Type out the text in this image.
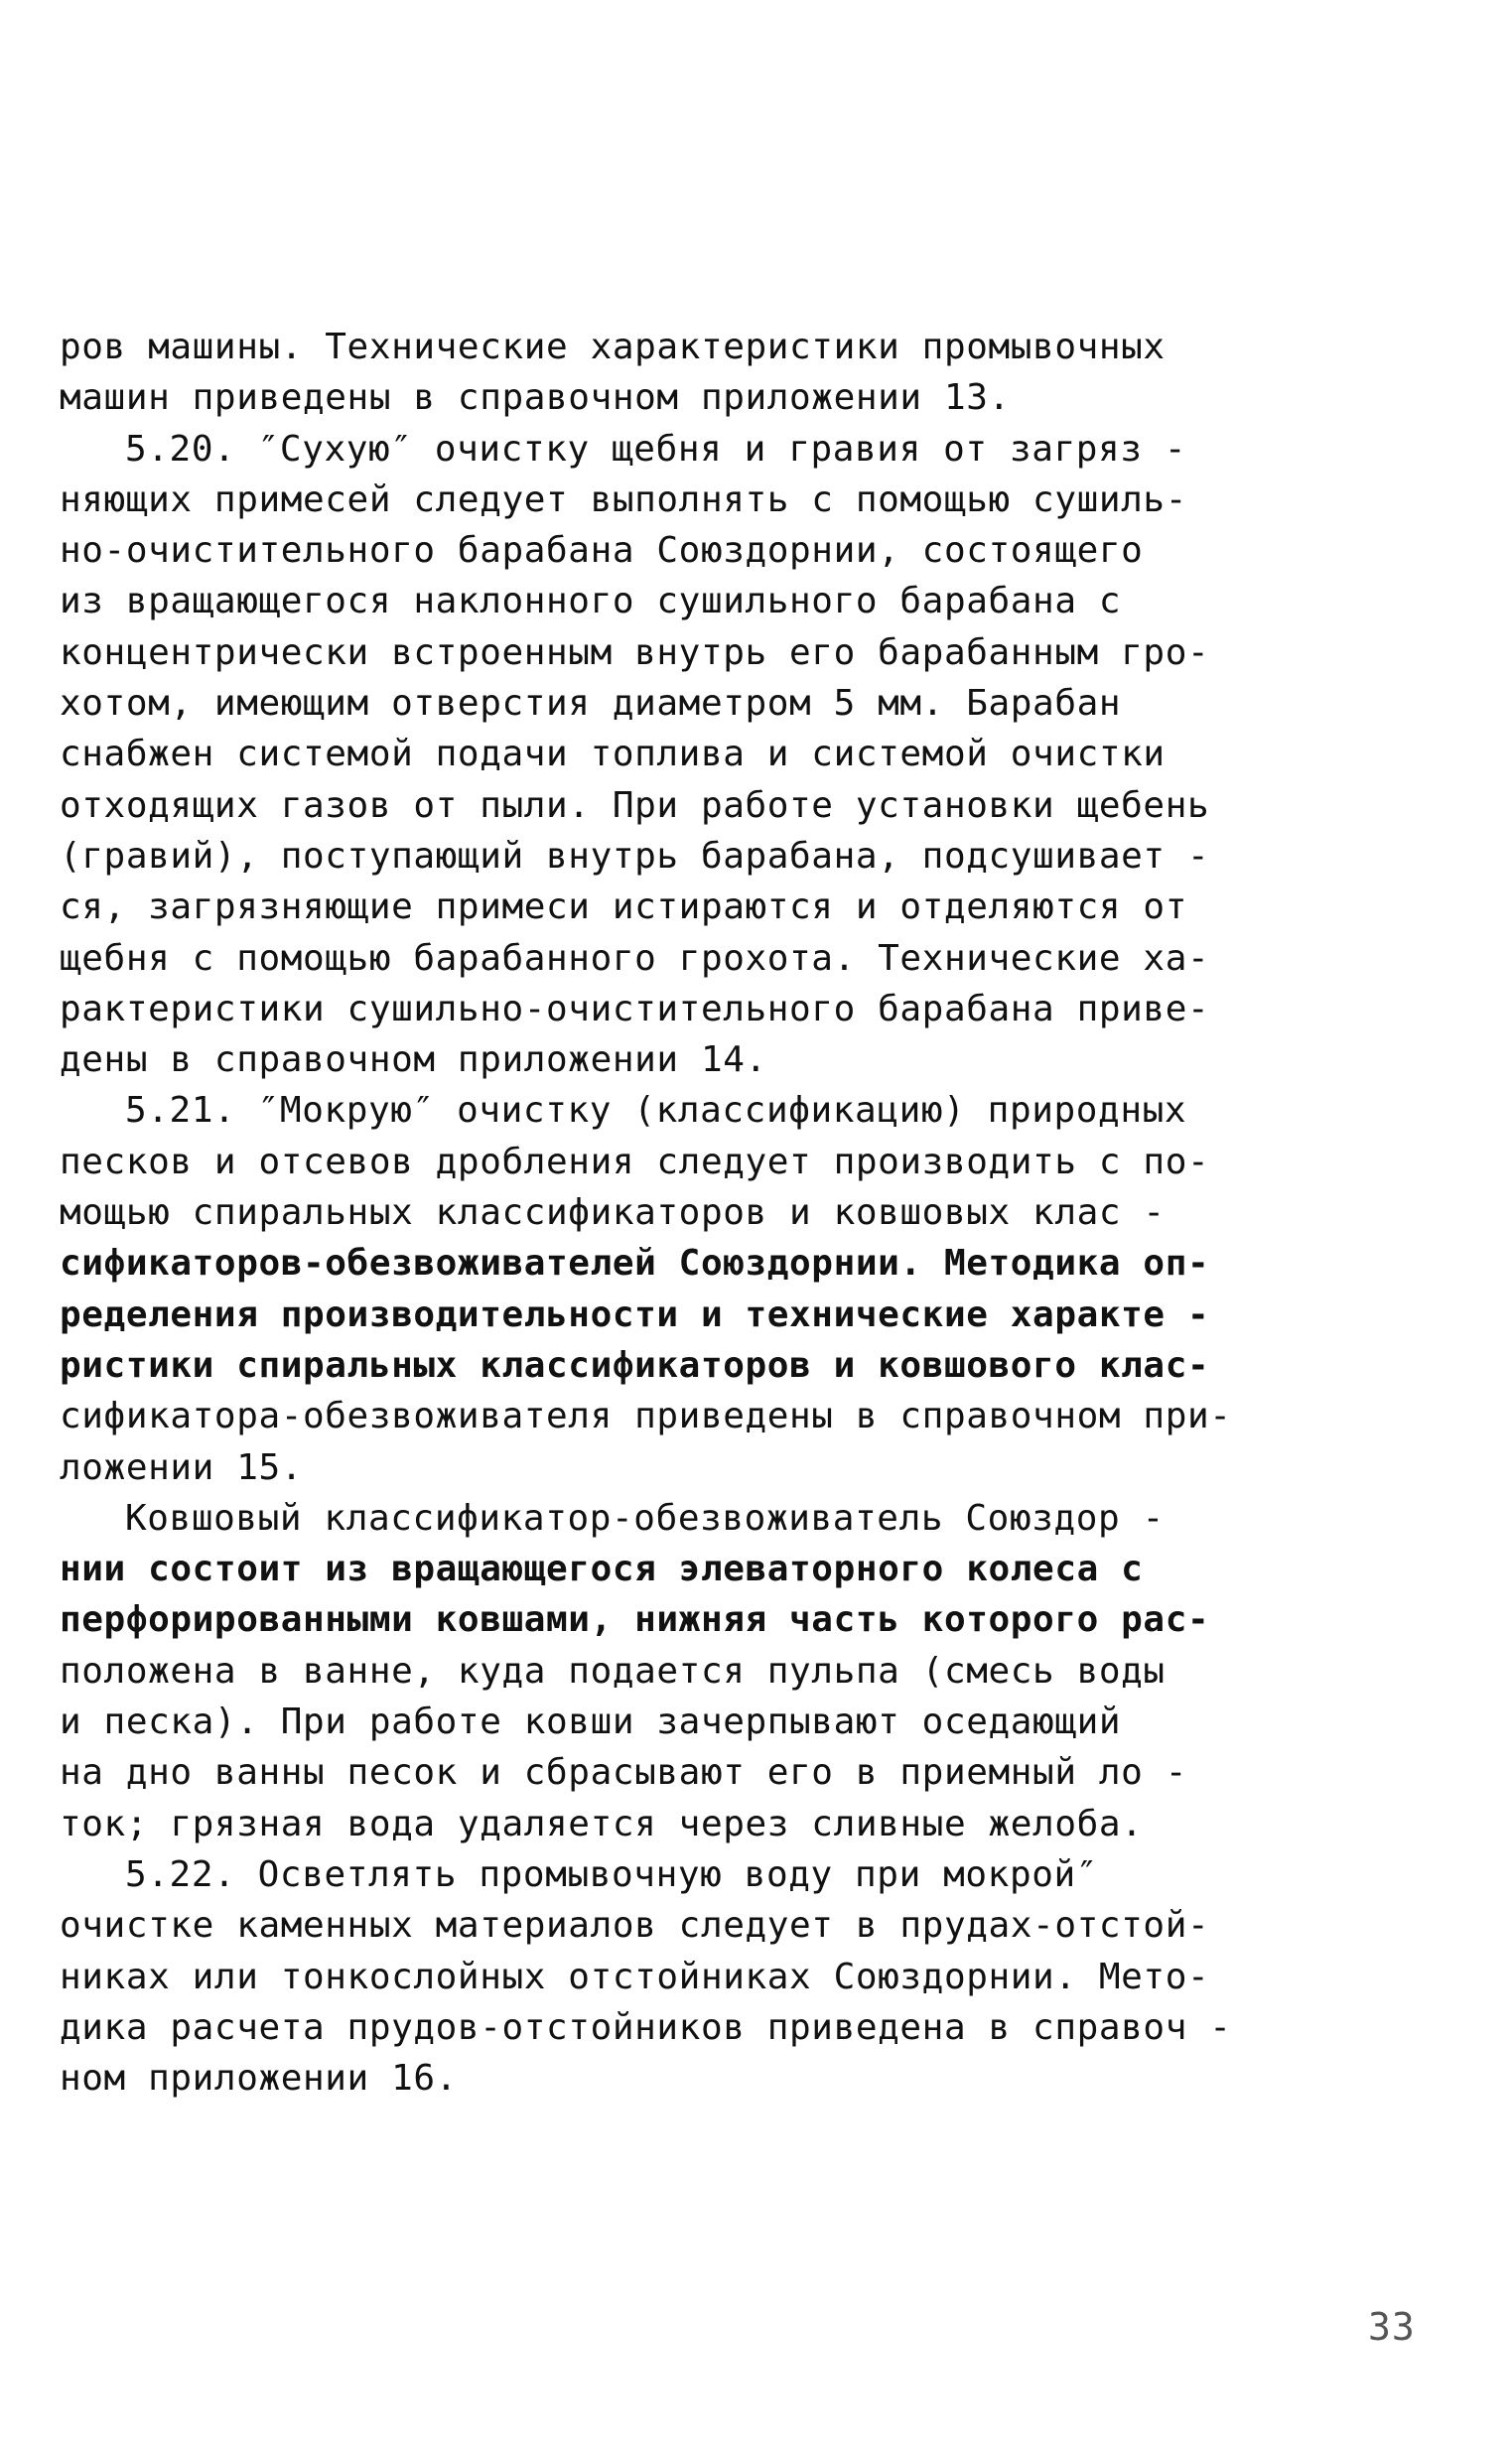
ров машины. Технические характеристики промывочных
машин приведены в справочном приложении 13.
5.20. ″Сухую″ очистку щебня и гравия от загряз -
няющих примесей следует выполнять с помощью сушиль-
но-очистительного барабана Союздорнии, состоящего
из вращающегося наклонного сушильного барабана с
концентрически встроенным внутрь его барабанным гро-
хотом, имеющим отверстия диаметром 5 мм. Барабан
снабжен системой подачи топлива и системой очистки
отходящих газов от пыли. При работе установки щебень
(гравий), поступающий внутрь барабана, подсушивает -
ся, загрязняющие примеси истираются и отделяются от
щебня с помощью барабанного грохота. Технические ха-
рактеристики сушильно-очистительного барабана приве-
дены в справочном приложении 14.
5.21. ″Мокрую″ очистку (классификацию) природных
песков и отсевов дробления следует производить с по-
мощью спиральных классификаторов и ковшовых клас -
сификаторов-обезвоживателей Союздорнии. Методика оп-
ределения производительности и технические характе -
ристики спиральных классификаторов и ковшового клас-
сификатора-обезвоживателя приведены в справочном при-
ложении 15.
Ковшовый классификатор-обезвоживатель Союздор -
нии состоит из вращающегося элеваторного колеса с
перфорированными ковшами, нижняя часть которого рас-
положена в ванне, куда подается пульпа (смесь воды
и песка). При работе ковши зачерпывают оседающий
на дно ванны песок и сбрасывают его в приемный ло -
ток; грязная вода удаляется через сливные желоба.
5.22. Осветлять промывочную воду при мокрой″
очистке каменных материалов следует в прудах-отстой-
никах или тонкослойных отстойниках Союздорнии. Мето-
дика расчета прудов-отстойников приведена в справоч -
ном приложении 16.
33
